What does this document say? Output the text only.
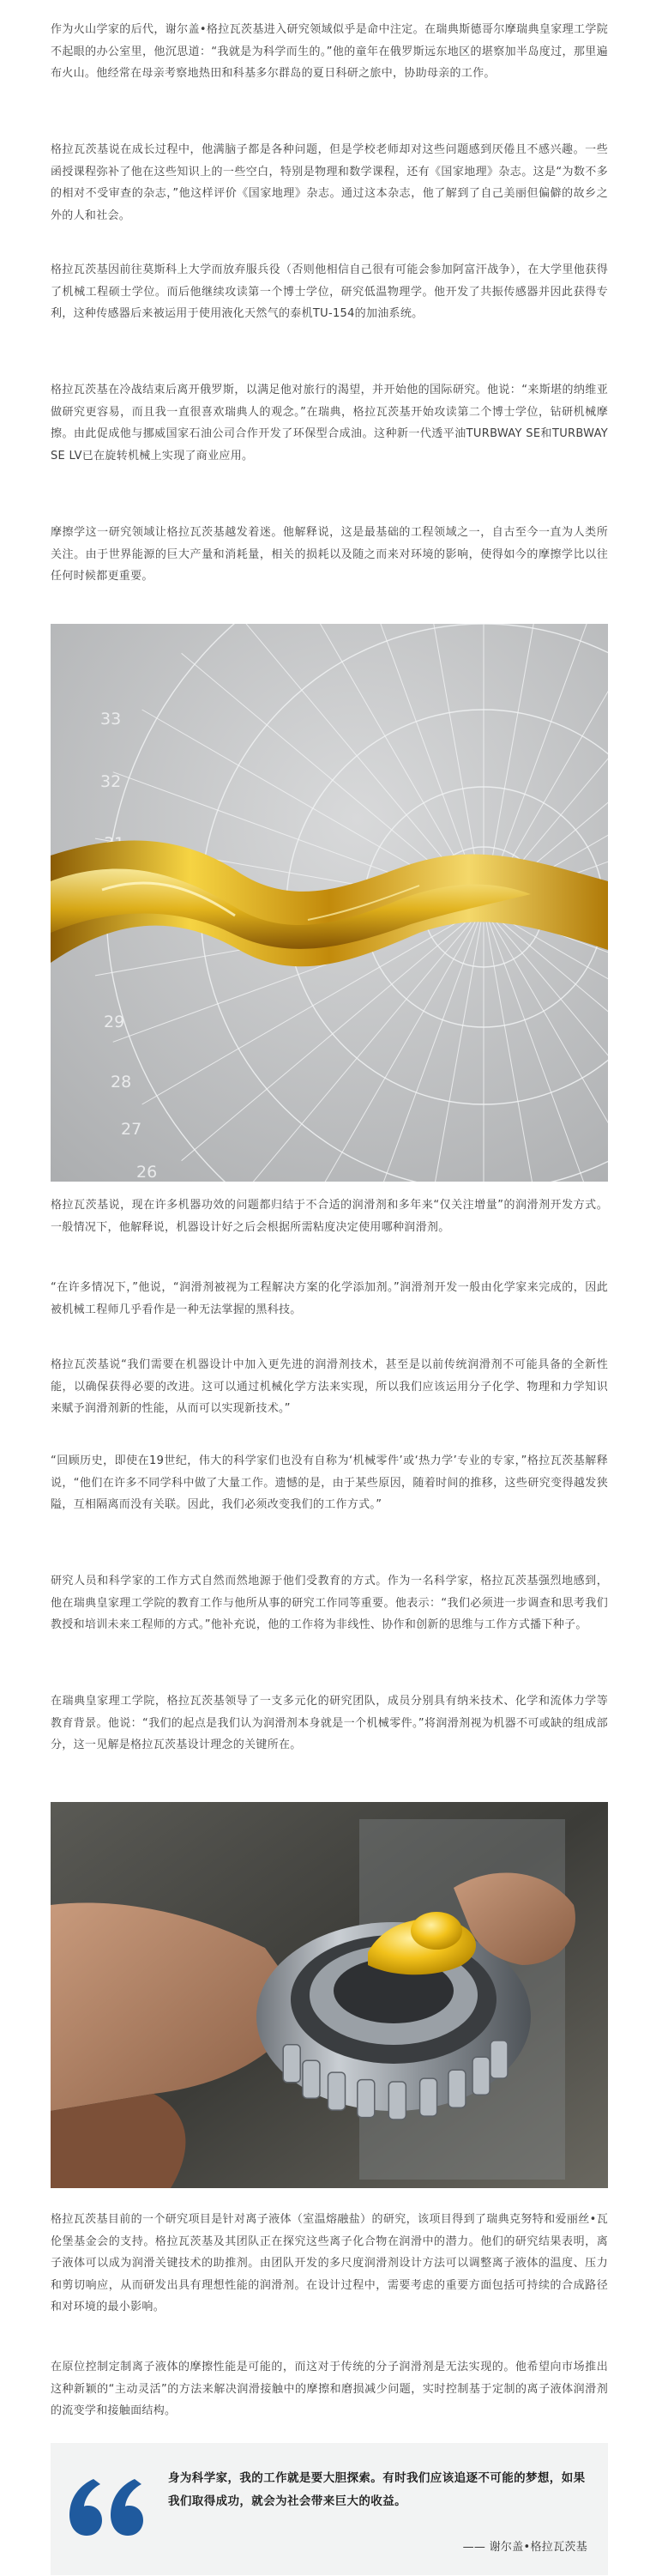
作为火山学家的后代，谢尔盖•格拉瓦茨基进入研究领域似乎是命中注定。在瑞典斯德哥尔摩瑞典皇家理工学院不起眼的办公室里，他沉思道：“我就是为科学而生的。”他的童年在俄罗斯远东地区的堪察加半岛度过，那里遍布火山。他经常在母亲考察地热田和科基多尔群岛的夏日科研之旅中，协助母亲的工作。

格拉瓦茨基说在成长过程中，他满脑子都是各种问题，但是学校老师却对这些问题感到厌倦且不感兴趣。一些函授课程弥补了他在这些知识上的一些空白，特别是物理和数学课程，还有《国家地理》杂志。这是“为数不多的相对不受审查的杂志，”他这样评价《国家地理》杂志。通过这本杂志，他了解到了自己美丽但偏僻的故乡之外的人和社会。

格拉瓦茨基因前往莫斯科上大学而放弃服兵役（否则他相信自己很有可能会参加阿富汗战争），在大学里他获得了机械工程硕士学位。而后他继续攻读第一个博士学位，研究低温物理学。他开发了共振传感器并因此获得专利，这种传感器后来被运用于使用液化天然气的泰机TU-154的加油系统。

格拉瓦茨基在冷战结束后离开俄罗斯，以满足他对旅行的渴望，并开始他的国际研究。他说：“来斯堪的纳维亚做研究更容易，而且我一直很喜欢瑞典人的观念。”在瑞典，格拉瓦茨基开始攻读第二个博士学位，钻研机械摩擦。由此促成他与挪威国家石油公司合作开发了环保型合成油。这种新一代透平油TURBWAY SE和TURBWAY SE LV已在旋转机械上实现了商业应用。

摩擦学这一研究领域让格拉瓦茨基越发着迷。他解释说，这是最基础的工程领域之一，自古至今一直为人类所关注。由于世界能源的巨大产量和消耗量，相关的损耗以及随之而来对环境的影响，使得如今的摩擦学比以往任何时候都更重要。

33
32
29
28
27
26

格拉瓦茨基说，现在许多机器功效的问题都归结于不合适的润滑剂和多年来“仅关注增量”的润滑剂开发方式。一般情况下，他解释说，机器设计好之后会根据所需粘度决定使用哪种润滑剂。

“在许多情况下，”他说，“润滑剂被视为工程解决方案的化学添加剂。”润滑剂开发一般由化学家来完成的，因此被机械工程师几乎看作是一种无法掌握的黑科技。

格拉瓦茨基说“我们需要在机器设计中加入更先进的润滑剂技术，甚至是以前传统润滑剂不可能具备的全新性能，以确保获得必要的改进。这可以通过机械化学方法来实现，所以我们应该运用分子化学、物理和力学知识来赋予润滑剂新的性能，从而可以实现新技术。”

“回顾历史，即使在19世纪，伟大的科学家们也没有自称为‘机械零件’或‘热力学’专业的专家，”格拉瓦茨基解释说，“他们在许多不同学科中做了大量工作。遗憾的是，由于某些原因，随着时间的推移，这些研究变得越发狭隘，互相隔离而没有关联。因此，我们必须改变我们的工作方式。”

研究人员和科学家的工作方式自然而然地源于他们受教育的方式。作为一名科学家，格拉瓦茨基强烈地感到，他在瑞典皇家理工学院的教育工作与他所从事的研究工作同等重要。他表示：“我们必须进一步调查和思考我们教授和培训未来工程师的方式。”他补充说，他的工作将为非线性、协作和创新的思维与工作方式播下种子。

在瑞典皇家理工学院，格拉瓦茨基领导了一支多元化的研究团队，成员分别具有纳米技术、化学和流体力学等教育背景。他说：“我们的起点是我们认为润滑剂本身就是一个机械零件。”将润滑剂视为机器不可或缺的组成部分，这一见解是格拉瓦茨基设计理念的关键所在。

格拉瓦茨基目前的一个研究项目是针对离子液体（室温熔融盐）的研究，该项目得到了瑞典克努特和爱丽丝•瓦伦堡基金会的支持。格拉瓦茨基及其团队正在探究这些离子化合物在润滑中的潜力。他们的研究结果表明，离子液体可以成为润滑关键技术的助推剂。由团队开发的多尺度润滑剂设计方法可以调整离子液体的温度、压力和剪切响应，从而研发出具有理想性能的润滑剂。在设计过程中，需要考虑的重要方面包括可持续的合成路径和对环境的最小影响。

在原位控制定制离子液体的摩擦性能是可能的，而这对于传统的分子润滑剂是无法实现的。他希望向市场推出这种新颖的“主动灵活”的方法来解决润滑接触中的摩擦和磨损减少问题，实时控制基于定制的离子液体润滑剂的流变学和接触面结构。

身为科学家，我的工作就是要大胆探索。有时我们应该追逐不可能的梦想，如果我们取得成功，就会为社会带来巨大的收益。

—— 谢尔盖•格拉瓦茨基
